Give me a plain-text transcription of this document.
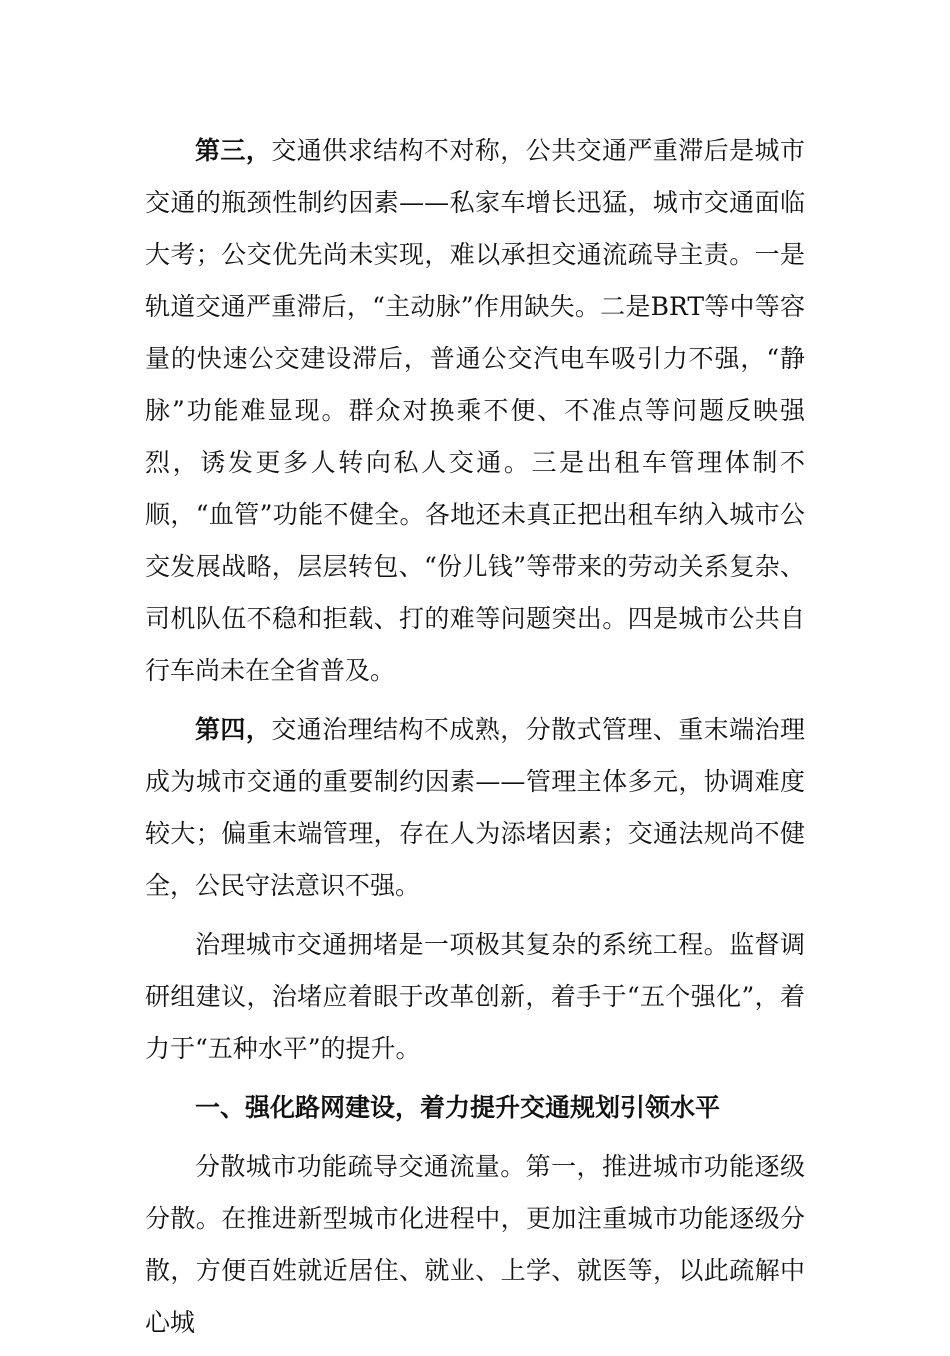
第三，交通供求结构不对称，公共交通严重滞后是城市交通的瓶颈性制约因素——私家车增长迅猛，城市交通面临大考；公交优先尚未实现，难以承担交通流疏导主责。一是轨道交通严重滞后，“主动脉”作用缺失。二是BRT等中等容量的快速公交建设滞后，普通公交汽电车吸引力不强，“静脉”功能难显现。群众对换乘不便、不准点等问题反映强烈，诱发更多人转向私人交通。三是出租车管理体制不顺，“血管”功能不健全。各地还未真正把出租车纳入城市公交发展战略，层层转包、“份儿钱”等带来的劳动关系复杂、司机队伍不稳和拒载、打的难等问题突出。四是城市公共自行车尚未在全省普及。

第四，交通治理结构不成熟，分散式管理、重末端治理成为城市交通的重要制约因素——管理主体多元，协调难度较大；偏重末端管理，存在人为添堵因素；交通法规尚不健全，公民守法意识不强。

治理城市交通拥堵是一项极其复杂的系统工程。监督调研组建议，治堵应着眼于改革创新，着手于“五个强化”，着力于“五种水平”的提升。

一、强化路网建设，着力提升交通规划引领水平

分散城市功能疏导交通流量。第一，推进城市功能逐级分散。在推进新型城市化进程中，更加注重城市功能逐级分散，方便百姓就近居住、就业、上学、就医等，以此疏解中心城
